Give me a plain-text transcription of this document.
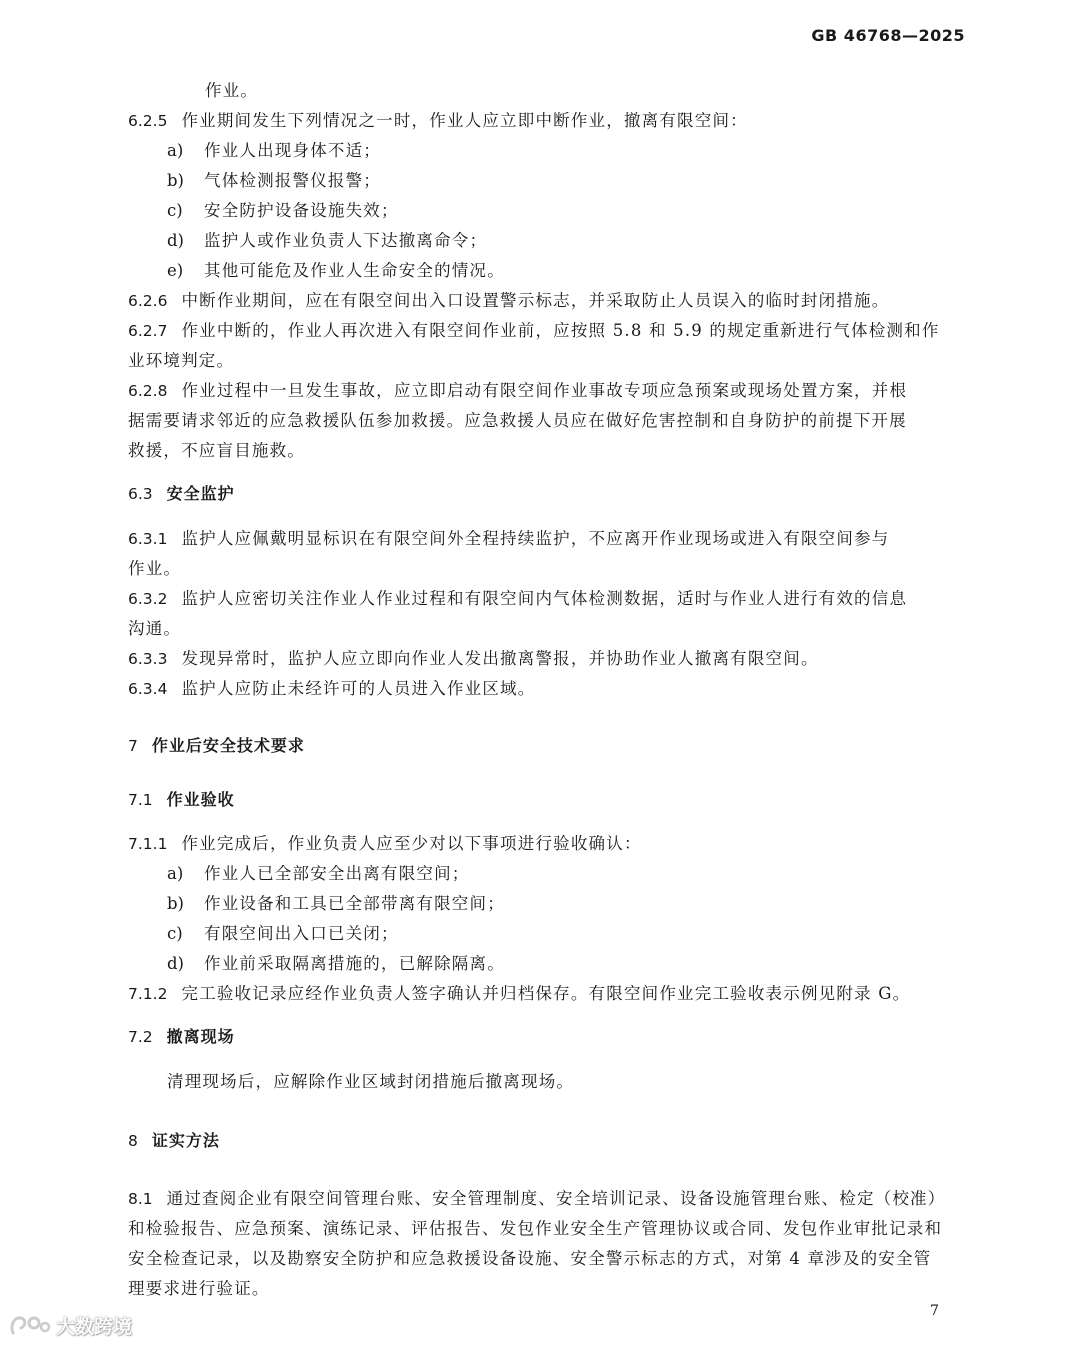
GB 46768—2025
作业。
6.2.5 作业期间发生下列情况之一时，作业人应立即中断作业，撤离有限空间：
a) 作业人出现身体不适；
b) 气体检测报警仪报警；
c) 安全防护设备设施失效；
d) 监护人或作业负责人下达撤离命令；
e) 其他可能危及作业人生命安全的情况。
6.2.6 中断作业期间，应在有限空间出入口设置警示标志，并采取防止人员误入的临时封闭措施。
6.2.7 作业中断的，作业人再次进入有限空间作业前，应按照 5.8 和 5.9 的规定重新进行气体检测和作
业环境判定。
6.2.8 作业过程中一旦发生事故，应立即启动有限空间作业事故专项应急预案或现场处置方案，并根
据需要请求邻近的应急救援队伍参加救援。应急救援人员应在做好危害控制和自身防护的前提下开展
救援，不应盲目施救。
6.3 安全监护
6.3.1 监护人应佩戴明显标识在有限空间外全程持续监护，不应离开作业现场或进入有限空间参与
作业。
6.3.2 监护人应密切关注作业人作业过程和有限空间内气体检测数据，适时与作业人进行有效的信息
沟通。
6.3.3 发现异常时，监护人应立即向作业人发出撤离警报，并协助作业人撤离有限空间。
6.3.4 监护人应防止未经许可的人员进入作业区域。
7 作业后安全技术要求
7.1 作业验收
7.1.1 作业完成后，作业负责人应至少对以下事项进行验收确认：
a) 作业人已全部安全出离有限空间；
b) 作业设备和工具已全部带离有限空间；
c) 有限空间出入口已关闭；
d) 作业前采取隔离措施的，已解除隔离。
7.1.2 完工验收记录应经作业负责人签字确认并归档保存。有限空间作业完工验收表示例见附录 G。
7.2 撤离现场
清理现场后，应解除作业区域封闭措施后撤离现场。
8 证实方法
8.1 通过查阅企业有限空间管理台账、安全管理制度、安全培训记录、设备设施管理台账、检定（校准）
和检验报告、应急预案、演练记录、评估报告、发包作业安全生产管理协议或合同、发包作业审批记录和
安全检查记录，以及勘察安全防护和应急救援设备设施、安全警示标志的方式，对第 4 章涉及的安全管
理要求进行验证。
7
大数跨境
